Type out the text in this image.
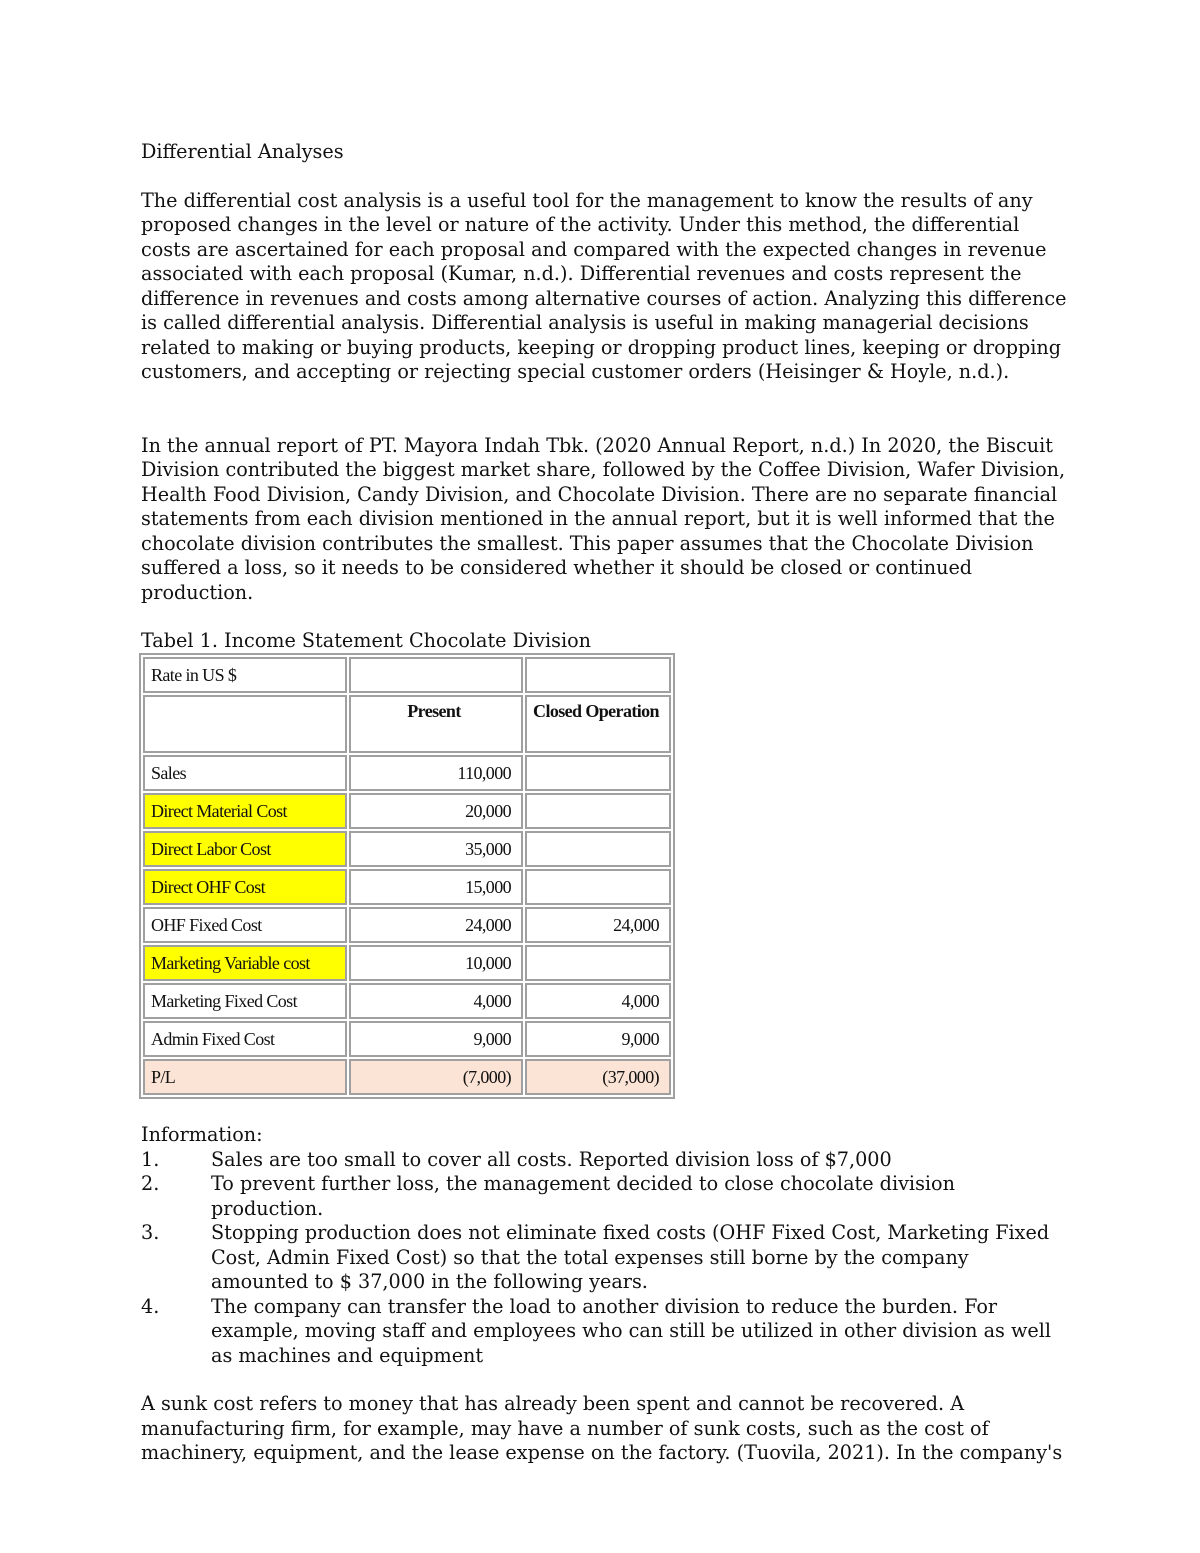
Differential Analyses

The differential cost analysis is a useful tool for the management to know the results of any proposed changes in the level or nature of the activity. Under this method, the differential costs are ascertained for each proposal and compared with the expected changes in revenue associated with each proposal (Kumar, n.d.). Differential revenues and costs represent the difference in revenues and costs among alternative courses of action. Analyzing this difference is called differential analysis. Differential analysis is useful in making managerial decisions related to making or buying products, keeping or dropping product lines, keeping or dropping customers, and accepting or rejecting special customer orders (Heisinger & Hoyle, n.d.).

In the annual report of PT. Mayora Indah Tbk. (2020 Annual Report, n.d.) In 2020, the Biscuit Division contributed the biggest market share, followed by the Coffee Division, Wafer Division, Health Food Division, Candy Division, and Chocolate Division. There are no separate financial statements from each division mentioned in the annual report, but it is well informed that the chocolate division contributes the smallest. This paper assumes that the Chocolate Division suffered a loss, so it needs to be considered whether it should be closed or continued production.

Tabel 1. Income Statement Chocolate Division

Rate in US $		
	Present	Closed Operation
Sales	110,000	
Direct Material Cost	20,000	
Direct Labor Cost	35,000	
Direct OHF Cost	15,000	
OHF Fixed Cost	24,000	24,000
Marketing Variable cost	10,000	
Marketing Fixed Cost	4,000	4,000
Admin Fixed Cost	9,000	9,000
P/L	(7,000)	(37,000)

Information:

1.	Sales are too small to cover all costs. Reported division loss of $7,000
2.	To prevent further loss, the management decided to close chocolate division production.
3.	Stopping production does not eliminate fixed costs (OHF Fixed Cost, Marketing Fixed Cost, Admin Fixed Cost) so that the total expenses still borne by the company amounted to $ 37,000 in the following years.
4.	The company can transfer the load to another division to reduce the burden. For example, moving staff and employees who can still be utilized in other division as well as machines and equipment

A sunk cost refers to money that has already been spent and cannot be recovered. A manufacturing firm, for example, may have a number of sunk costs, such as the cost of machinery, equipment, and the lease expense on the factory. (Tuovila, 2021). In the company's
